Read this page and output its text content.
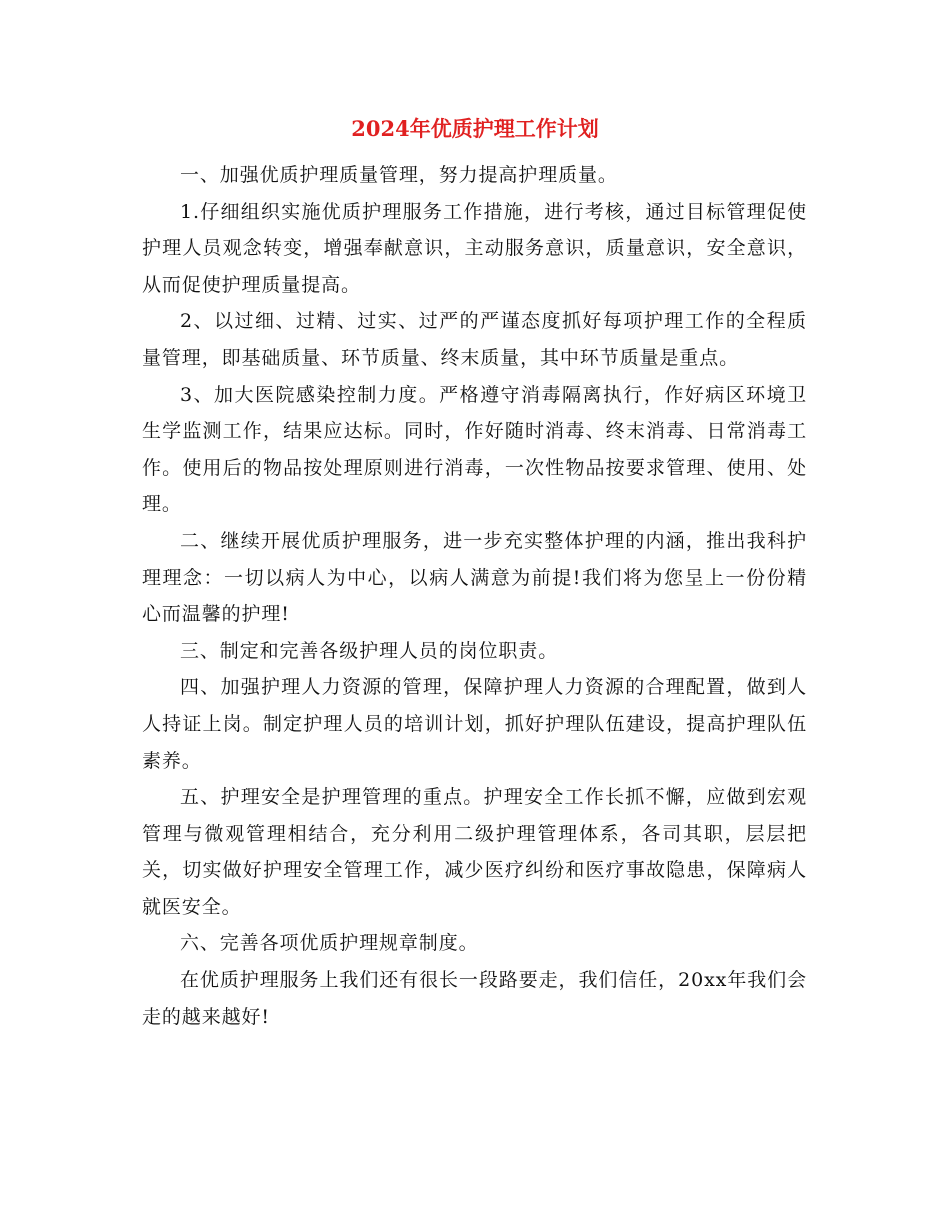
2024年优质护理工作计划

一、加强优质护理质量管理，努力提高护理质量。

1.仔细组织实施优质护理服务工作措施，进行考核，通过目标管理促使护理人员观念转变，增强奉献意识，主动服务意识，质量意识，安全意识，从而促使护理质量提高。

2、以过细、过精、过实、过严的严谨态度抓好每项护理工作的全程质量管理，即基础质量、环节质量、终末质量，其中环节质量是重点。

3、加大医院感染控制力度。严格遵守消毒隔离执行，作好病区环境卫生学监测工作，结果应达标。同时，作好随时消毒、终末消毒、日常消毒工作。使用后的物品按处理原则进行消毒，一次性物品按要求管理、使用、处理。

二、继续开展优质护理服务，进一步充实整体护理的内涵，推出我科护理理念：一切以病人为中心，以病人满意为前提!我们将为您呈上一份份精心而温馨的护理!

三、制定和完善各级护理人员的岗位职责。

四、加强护理人力资源的管理，保障护理人力资源的合理配置，做到人人持证上岗。制定护理人员的培训计划，抓好护理队伍建设，提高护理队伍素养。

五、护理安全是护理管理的重点。护理安全工作长抓不懈，应做到宏观管理与微观管理相结合，充分利用二级护理管理体系，各司其职，层层把关，切实做好护理安全管理工作，减少医疗纠纷和医疗事故隐患，保障病人就医安全。

六、完善各项优质护理规章制度。

在优质护理服务上我们还有很长一段路要走，我们信任，20xx年我们会走的越来越好!
